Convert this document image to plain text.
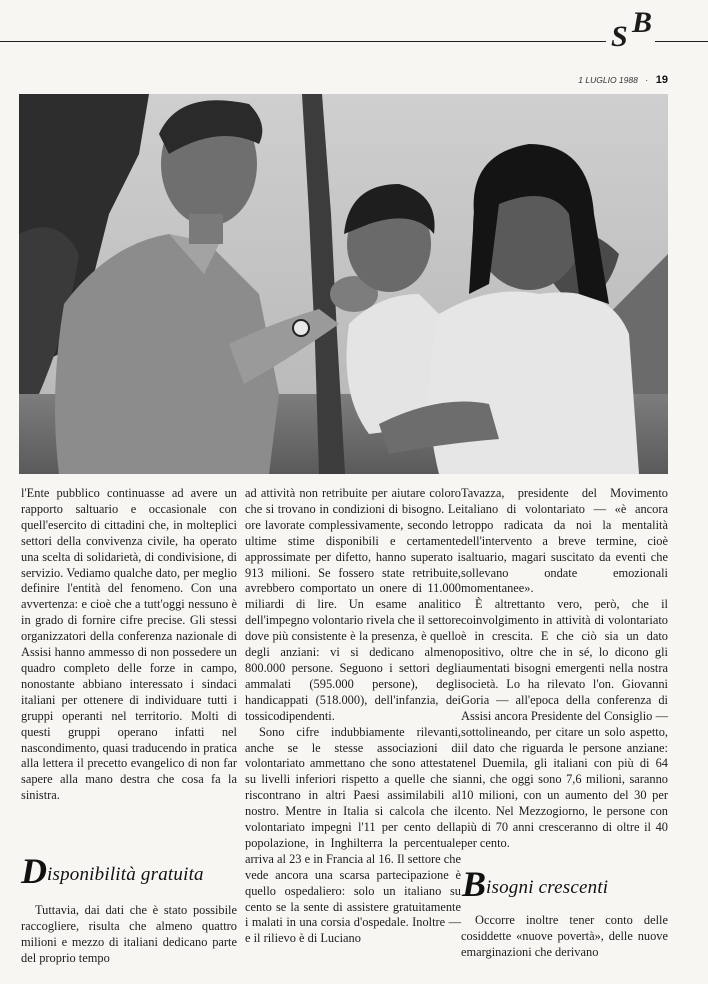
S B
1 LUGLIO 1988 · 19

l'Ente pubblico continuasse ad avere un rapporto saltuario e occasionale con quell'esercito di cittadini che, in molteplici settori della convivenza civile, ha operato una scelta di solidarietà, di condivisione, di servizio. Vediamo qualche dato, per meglio definire l'entità del fenomeno. Con una avvertenza: e cioè che a tutt'oggi nessuno è in grado di fornire cifre precise. Gli stessi organizzatori della conferenza nazionale di Assisi hanno ammesso di non possedere un quadro completo delle forze in campo, nonostante abbiano interessato i sindaci italiani per ottenere di individuare tutti i gruppi operanti nel territorio. Molti di questi gruppi operano infatti nel nascondimento, quasi traducendo in pratica alla lettera il precetto evangelico di non far sapere alla mano destra che cosa fa la sinistra.

Disponibilità gratuita

Tuttavia, dai dati che è stato possibile raccogliere, risulta che almeno quattro milioni e mezzo di italiani dedicano parte del proprio tempo

ad attività non retribuite per aiutare coloro che si trovano in condizioni di bisogno. Le ore lavorate complessivamente, secondo le ultime stime disponibili e certamente approssimate per difetto, hanno superato i 913 milioni. Se fossero state retribuite, avrebbero comportato un onere di 11.000 miliardi di lire. Un esame analitico dell'impegno volontario rivela che il settore dove più consistente è la presenza, è quello degli anziani: vi si dedicano almeno 800.000 persone. Seguono i settori degli ammalati (595.000 persone), degli handicappati (518.000), dell'infanzia, dei tossicodipendenti.

Sono cifre indubbiamente rilevanti, anche se le stesse associazioni di volontariato ammettano che sono attestate su livelli inferiori rispetto a quelle che si riscontrano in altri Paesi assimilabili al nostro. Mentre in Italia si calcola che il volontariato impegni l'11 per cento della popolazione, in Inghilterra la percentuale arriva al 23 e in Francia al 16. Il settore che vede ancora una scarsa partecipazione è quello ospedaliero: solo un italiano su cento se la sente di assistere gratuitamente i malati in una corsia d'ospedale. Inoltre — e il rilievo è di Luciano

Tavazza, presidente del Movimento italiano di volontariato — «è ancora troppo radicata da noi la mentalità dell'intervento a breve termine, cioè saltuario, magari suscitato da eventi che sollevano ondate emozionali momentanee».

È altrettanto vero, però, che il coinvolgimento in attività di volontariato è in crescita. E che ciò sia un dato positivo, oltre che in sé, lo dicono gli aumentati bisogni emergenti nella nostra società. Lo ha rilevato l'on. Giovanni Goria — all'epoca della conferenza di Assisi ancora Presidente del Consiglio — sottolineando, per citare un solo aspetto, il dato che riguarda le persone anziane: nel Duemila, gli italiani con più di 64 anni, che oggi sono 7,6 milioni, saranno 10 milioni, con un aumento del 30 per cento. Nel Mezzogiorno, le persone con più di 70 anni cresceranno di oltre il 40 per cento.

Bisogni crescenti

Occorre inoltre tener conto delle cosiddette «nuove povertà», delle nuove emarginazioni che derivano
